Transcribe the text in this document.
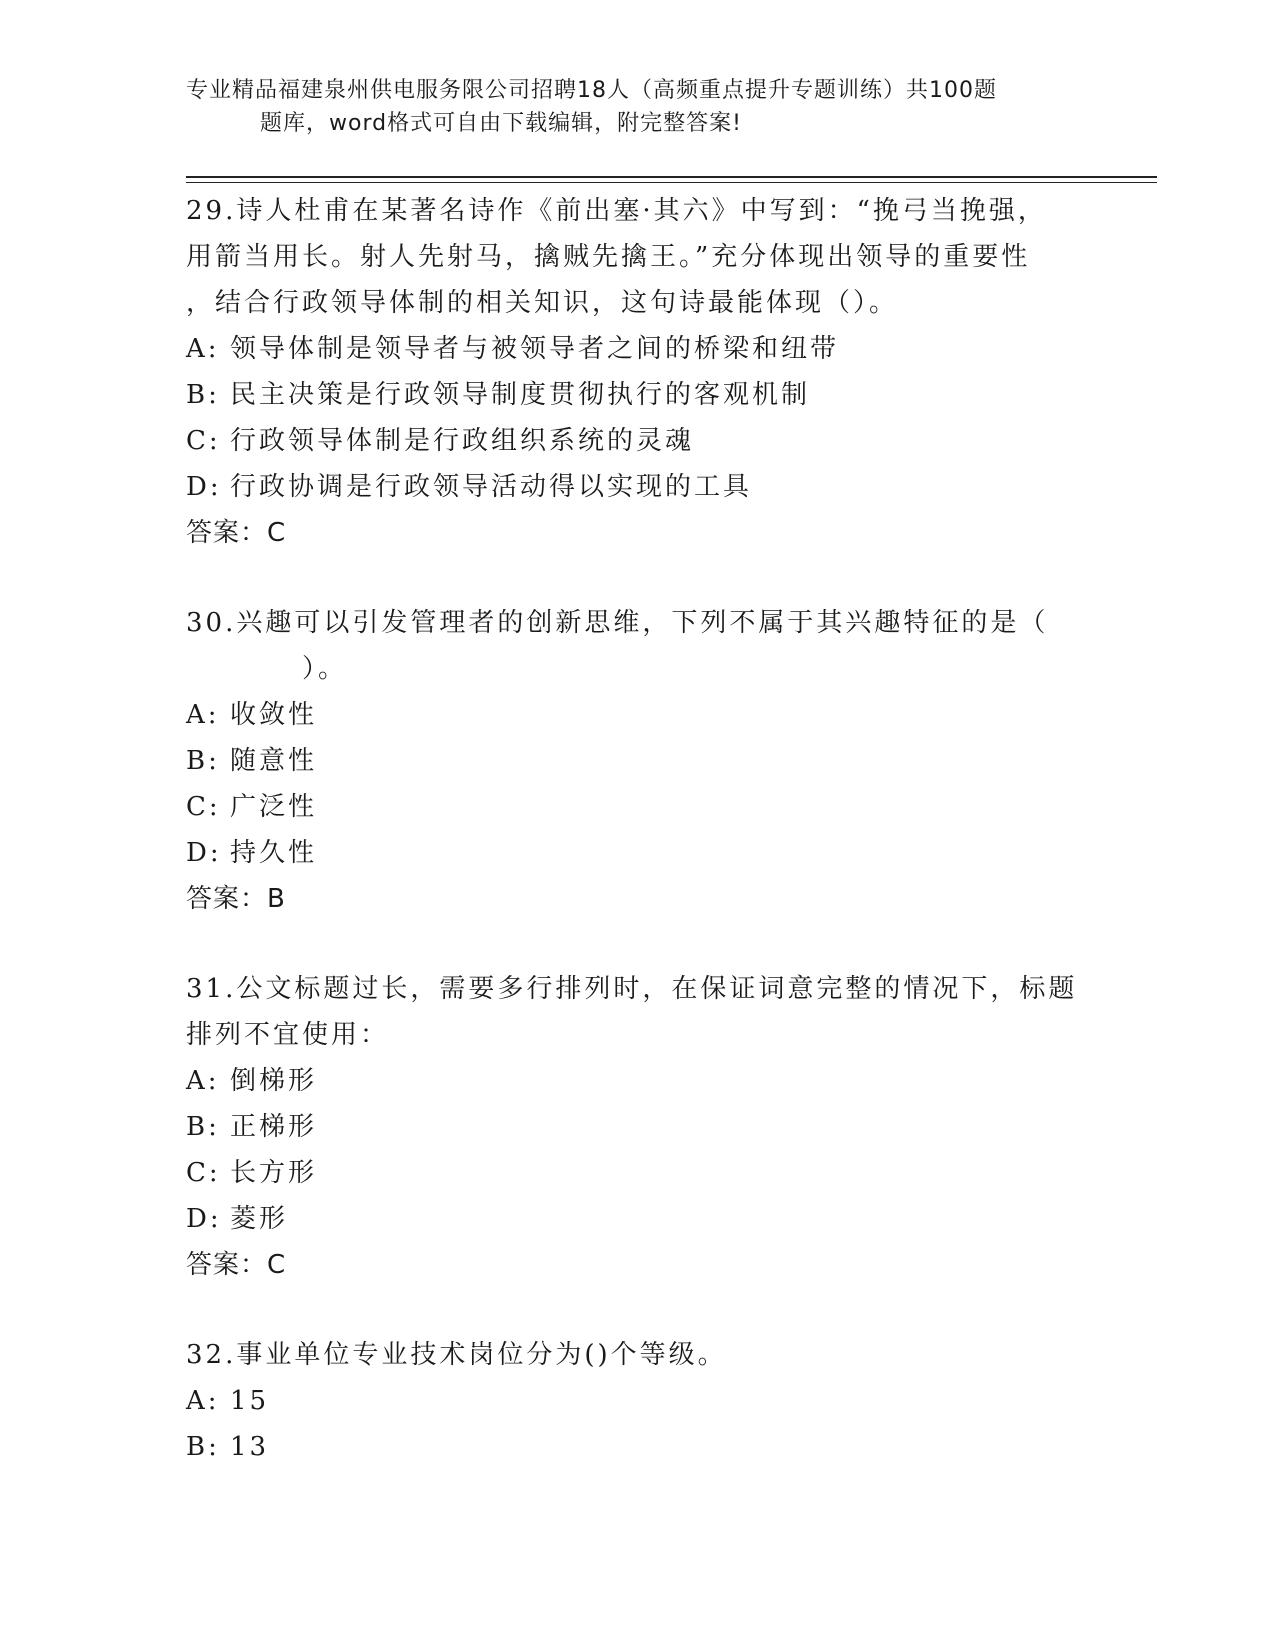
专业精品福建泉州供电服务限公司招聘18人（高频重点提升专题训练）共100题
题库，word格式可自由下载编辑，附完整答案!
29.诗人杜甫在某著名诗作《前出塞·其六》中写到：“挽弓当挽强，
用箭当用长。射人先射马，擒贼先擒王。”充分体现出领导的重要性
，结合行政领导体制的相关知识，这句诗最能体现（）。
A: 领导体制是领导者与被领导者之间的桥梁和纽带
B: 民主决策是行政领导制度贯彻执行的客观机制
C: 行政领导体制是行政组织系统的灵魂
D: 行政协调是行政领导活动得以实现的工具
答案：C
30.兴趣可以引发管理者的创新思维，下列不属于其兴趣特征的是（
）。
A: 收敛性
B: 随意性
C: 广泛性
D: 持久性
答案：B
31.公文标题过长，需要多行排列时，在保证词意完整的情况下，标题
排列不宜使用：
A: 倒梯形
B: 正梯形
C: 长方形
D: 菱形
答案：C
32.事业单位专业技术岗位分为()个等级。
A: 15
B: 13
